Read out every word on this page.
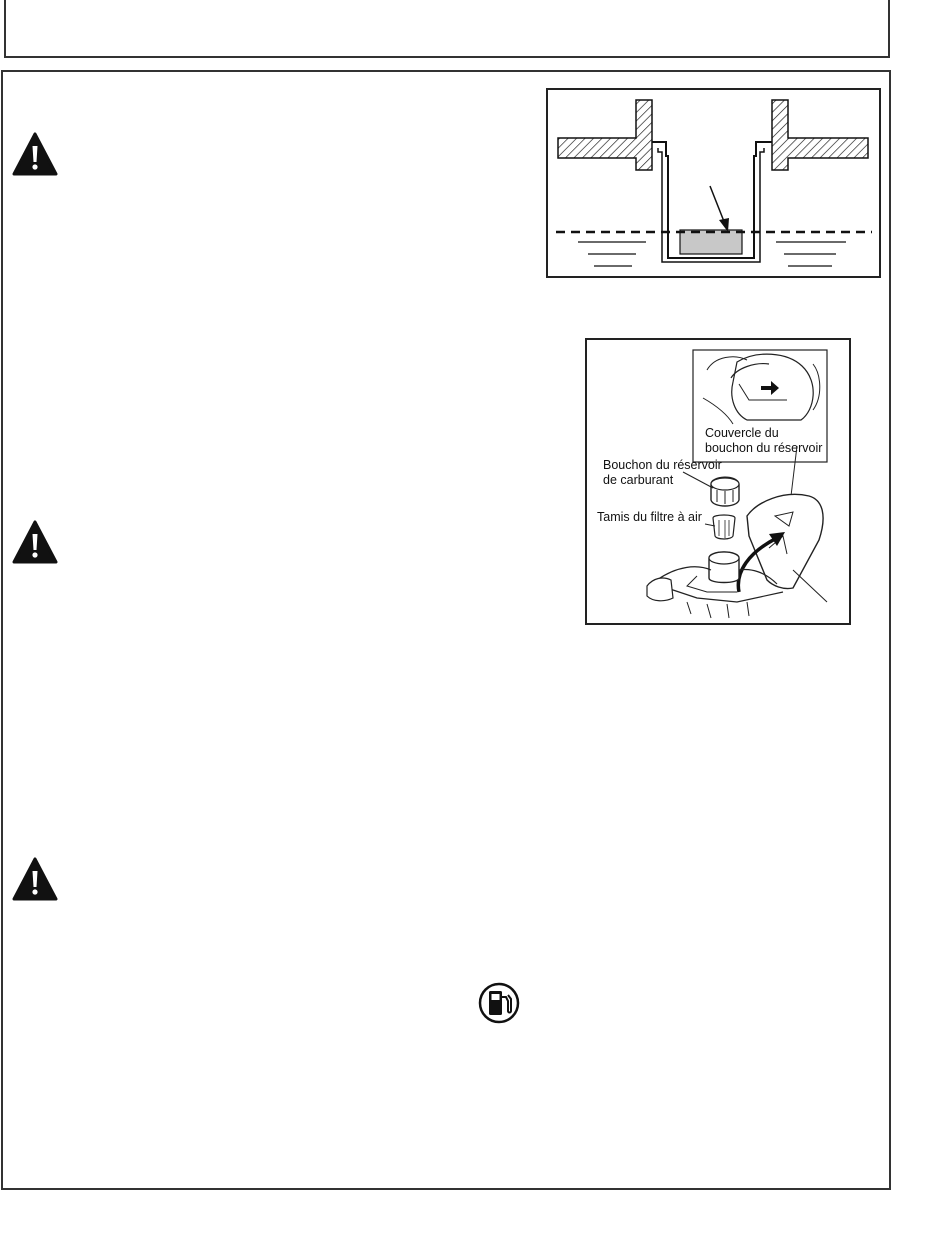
Couvercle du
bouchon du réservoir
Bouchon du réservoir
de carburant
Tamis du filtre à air
